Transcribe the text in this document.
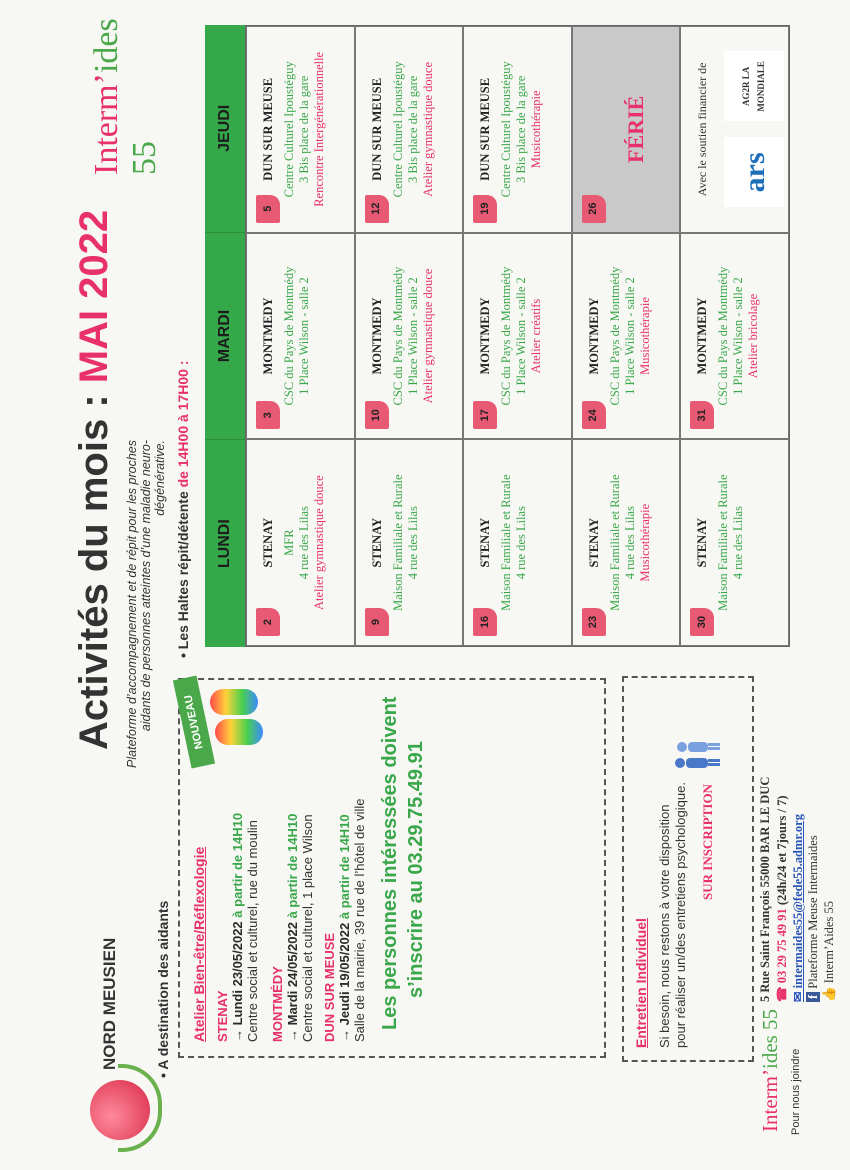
NORD MEUSIEN
Activités du mois : MAI 2022
Plateforme d’accompagnement et de répit pour les proches aidants de personnes atteintes d’une maladie neuro-dégénérative.
Interm’ides 55
• A destination des aidants Atelier Bien-être/Réflexologie
NOUVEAU
STENAY → Lundi 23/05/2022 à partir de 14H10 Centre social et culturel, rue du moulin MONTMÉDY → Mardi 24/05/2022 à partir de 14H10 Centre social et culturel, 1 place Wilson DUN SUR MEUSE → Jeudi 19/05/2022 à partir de 14H10 Salle de la mairie, 39 rue de l’hôtel de ville Les personnes intéressées doivent s’inscrire au 03.29.75.49.91	Entretien Individuel Si besoin, nous restons à votre disposition pour réaliser un/des entretiens psychologique. SUR INSCRIPTION
Interm’ides 55
Pour nous joindre
5 Rue Saint François 55000 BAR LE DUC ☎ 03 29 75 49 91 (24h/24 et 7jours / 7)
✉ intermaides55@fede55.admr.org
f Plateforme Meuse Intermaides
👍 Interm’Aides 55
• Les Haltes répit/détente de 14H00 à 17H00 :
LUNDI
MARDI
JEUDI
2
STENAY MFR 4 rue des Lilas Atelier gymnastique douce
3
MONTMEDY CSC du Pays de Montmédy 1 Place Wilson - salle 2
5
DUN SUR MEUSE Centre Culturel Ipoustéguy 3 Bis place de la gare Rencontre Intergénérationnelle
9
STENAY Maison Familiale et Rurale 4 rue des Lilas
10
MONTMEDY CSC du Pays de Montmédy 1 Place Wilson - salle 2 Atelier gymnastique douce
12
DUN SUR MEUSE Centre Culturel Ipoustéguy 3 Bis place de la gare Atelier gymnastique douce
16
STENAY Maison Familiale et Rurale 4 rue des Lilas
17
MONTMEDY CSC du Pays de Montmédy 1 Place Wilson - salle 2 Atelier créatifs
19
DUN SUR MEUSE Centre Culturel Ipoustéguy 3 Bis place de la gare Musicothérapie
23
STENAY Maison Familiale et Rurale 4 rue des Lilas Musicothérapie
24
MONTMEDY CSC du Pays de Montmédy 1 Place Wilson - salle 2 Musicothérapie
26
FÉRIÉ
30
STENAY Maison Familiale et Rurale 4 rue des Lilas
31
MONTMEDY CSC du Pays de Montmédy 1 Place Wilson - salle 2 Atelier bricolage
Avec le soutien financier de ars
AG2R LA MONDIALE
